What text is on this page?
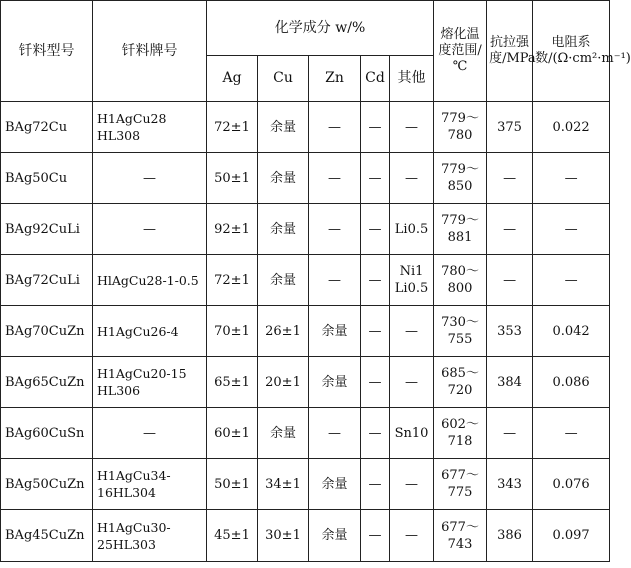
钎料型号	钎料牌号	化学成分 w/%					熔化温度范围/℃	抗拉强度/MPa	电阻系数/(Ω·cm²·m⁻¹)
		Ag	Cu	Zn	Cd	其他			
BAg72Cu	H1AgCu28 HL308	72±1	余量	—	—	—	779～780	375	0.022
BAg50Cu	—	50±1	余量	—	—	—	779～850	—	—
BAg92CuLi	—	92±1	余量	—	—	Li0.5	779～881	—	—
BAg72CuLi	HlAgCu28-1-0.5	72±1	余量	—	—	Ni1 Li0.5	780～800	—	—
BAg70CuZn	H1AgCu26-4	70±1	26±1	余量	—	—	730～755	353	0.042
BAg65CuZn	H1AgCu20-15 HL306	65±1	20±1	余量	—	—	685～720	384	0.086
BAg60CuSn	—	60±1	余量	—	—	Sn10	602～718	—	—
BAg50CuZn	H1AgCu34-16HL304	50±1	34±1	余量	—	—	677～775	343	0.076
BAg45CuZn	H1AgCu30-25HL303	45±1	30±1	余量	—	—	677～743	386	0.097
